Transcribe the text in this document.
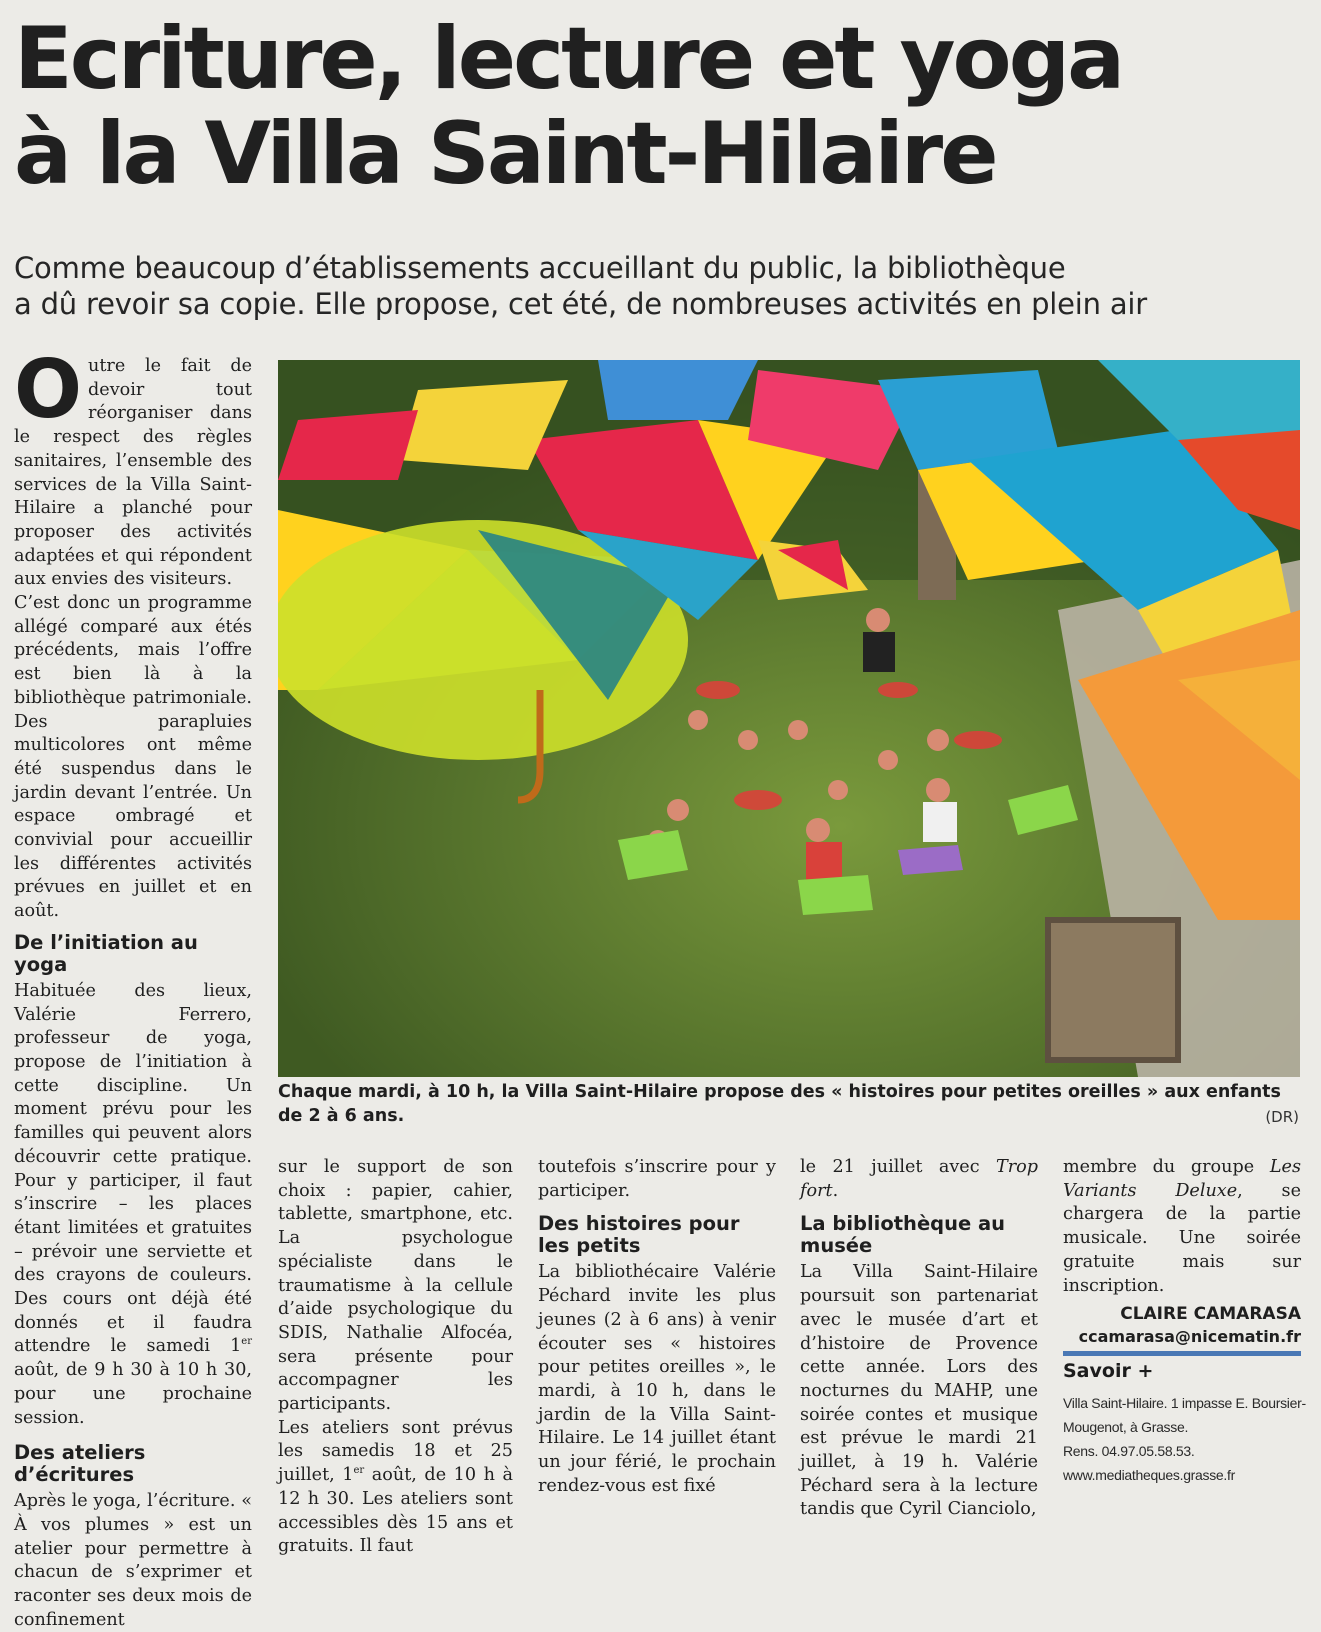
Ecriture, lecture et yoga
à la Villa Saint-Hilaire
Comme beaucoup d’établissements accueillant du public, la bibliothèque
a dû revoir sa copie. Elle propose, cet été, de nombreuses activités en plein air

Outre le fait de devoir tout réorganiser dans le respect des règles sanitaires, l’ensemble des services de la Villa Saint-Hilaire a planché pour proposer des activités adaptées et qui répondent aux envies des visiteurs.

C’est donc un programme allégé comparé aux étés précédents, mais l’offre est bien là à la bibliothèque patrimoniale. Des parapluies multicolores ont même été suspendus dans le jardin devant l’entrée. Un espace ombragé et convivial pour accueillir les différentes activités prévues en juillet et en août.

De l’initiation au yoga

Habituée des lieux, Valérie Ferrero, professeur de yoga, propose de l’initiation à cette discipline. Un moment prévu pour les familles qui peuvent alors découvrir cette pratique. Pour y participer, il faut s’inscrire – les places étant limitées et gratuites – prévoir une serviette et des crayons de couleurs. Des cours ont déjà été donnés et il faudra attendre le samedi 1er août, de 9 h 30 à 10 h 30, pour une prochaine session.

Des ateliers d’écritures

Après le yoga, l’écriture. « À vos plumes » est un atelier pour permettre à chacun de s’exprimer et raconter ses deux mois de confinement

Chaque mardi, à 10 h, la Villa Saint-Hilaire propose des « histoires pour petites oreilles » aux enfants de 2 à 6 ans.	(DR)

sur le support de son choix : papier, cahier, tablette, smartphone, etc. La psychologue spécialiste dans le traumatisme à la cellule d’aide psychologique du SDIS, Nathalie Alfocéa, sera présente pour accompagner les participants.

Les ateliers sont prévus les samedis 18 et 25 juillet, 1er août, de 10 h à 12 h 30. Les ateliers sont accessibles dès 15 ans et gratuits. Il faut

toutefois s’inscrire pour y participer.

Des histoires pour les petits

La bibliothécaire Valérie Péchard invite les plus jeunes (2 à 6 ans) à venir écouter ses « histoires pour petites oreilles », le mardi, à 10 h, dans le jardin de la Villa Saint-Hilaire. Le 14 juillet étant un jour férié, le prochain rendez-vous est fixé

le 21 juillet avec Trop fort.

La bibliothèque au musée

La Villa Saint-Hilaire poursuit son partenariat avec le musée d’art et d’histoire de Provence cette année. Lors des nocturnes du MAHP, une soirée contes et musique est prévue le mardi 21 juillet, à 19 h. Valérie Péchard sera à la lecture tandis que Cyril Cianciolo,

membre du groupe Les Variants Deluxe, se chargera de la partie musicale. Une soirée gratuite mais sur inscription.

CLAIRE CAMARASA
ccamarasa@nicematin.fr
Savoir +
Villa Saint-Hilaire. 1 impasse E. Boursier-
Mougenot, à Grasse.
Rens. 04.97.05.58.53.
www.mediatheques.grasse.fr
